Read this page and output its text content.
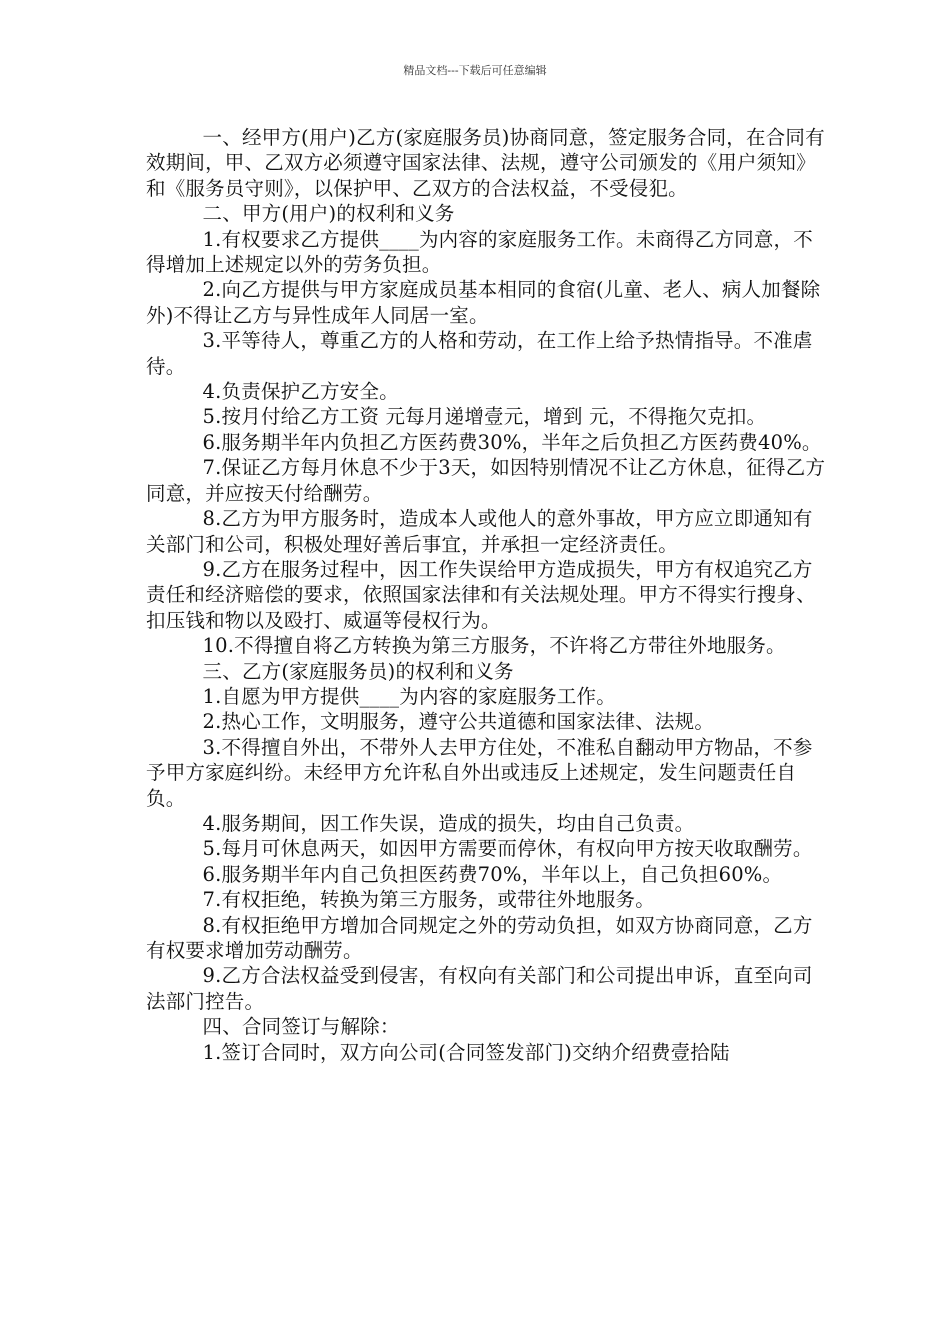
精品文档---下载后可任意编辑

一、经甲方(用户)乙方(家庭服务员)协商同意，签定服务合同，在合同有效期间，甲、乙双方必须遵守国家法律、法规，遵守公司颁发的《用户须知》和《服务员守则》，以保护甲、乙双方的合法权益，不受侵犯。

二、甲方(用户)的权利和义务

1.有权要求乙方提供____为内容的家庭服务工作。未商得乙方同意，不得增加上述规定以外的劳务负担。

2.向乙方提供与甲方家庭成员基本相同的食宿(儿童、老人、病人加餐除外)不得让乙方与异性成年人同居一室。

3.平等待人，尊重乙方的人格和劳动，在工作上给予热情指导。不准虐待。

4.负责保护乙方安全。

5.按月付给乙方工资 元每月递增壹元，增到 元，不得拖欠克扣。

6.服务期半年内负担乙方医药费30%，半年之后负担乙方医药费40%。

7.保证乙方每月休息不少于3天，如因特别情况不让乙方休息，征得乙方同意，并应按天付给酬劳。

8.乙方为甲方服务时，造成本人或他人的意外事故，甲方应立即通知有关部门和公司，积极处理好善后事宜，并承担一定经济责任。

9.乙方在服务过程中，因工作失误给甲方造成损失，甲方有权追究乙方责任和经济赔偿的要求，依照国家法律和有关法规处理。甲方不得实行搜身、扣压钱和物以及殴打、威逼等侵权行为。

10.不得擅自将乙方转换为第三方服务，不许将乙方带往外地服务。

三、乙方(家庭服务员)的权利和义务

1.自愿为甲方提供____为内容的家庭服务工作。

2.热心工作，文明服务，遵守公共道德和国家法律、法规。

3.不得擅自外出，不带外人去甲方住处，不准私自翻动甲方物品，不参予甲方家庭纠纷。未经甲方允许私自外出或违反上述规定，发生问题责任自负。

4.服务期间，因工作失误，造成的损失，均由自己负责。

5.每月可休息两天，如因甲方需要而停休，有权向甲方按天收取酬劳。

6.服务期半年内自己负担医药费70%，半年以上，自己负担60%。

7.有权拒绝，转换为第三方服务，或带往外地服务。

8.有权拒绝甲方增加合同规定之外的劳动负担，如双方协商同意，乙方有权要求增加劳动酬劳。

9.乙方合法权益受到侵害，有权向有关部门和公司提出申诉，直至向司法部门控告。

四、合同签订与解除：

1.签订合同时，双方向公司(合同签发部门)交纳介绍费壹拾陆
